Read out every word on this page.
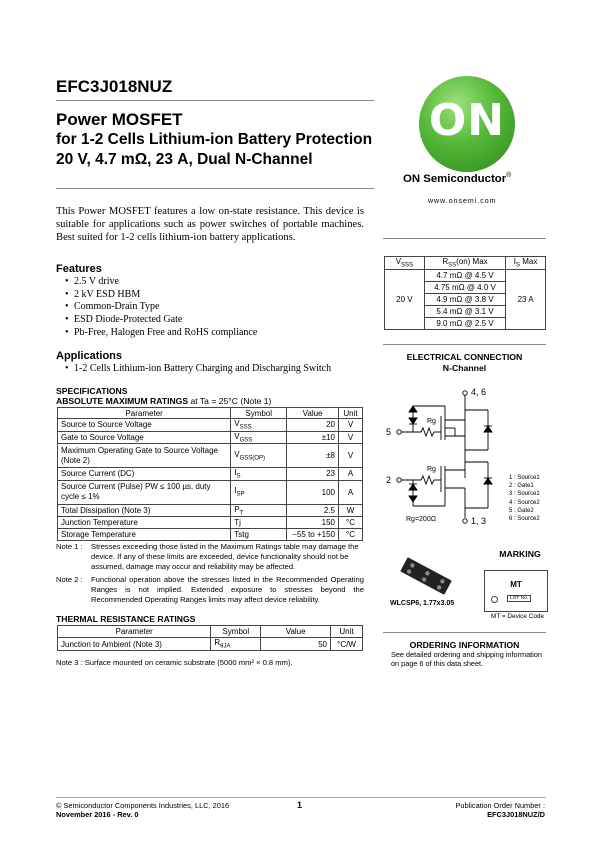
EFC3J018NUZ
Power MOSFET
for 1-2 Cells Lithium-ion Battery Protection
20 V, 4.7 mΩ, 23 A, Dual N-Channel
ON
ON Semiconductor®
www.onsemi.com
This Power MOSFET features a low on-state resistance. This device is suitable for applications such as power switches of portable machines. Best suited for 1-2 cells lithium-ion battery applications.
Features
• 2.5 V drive
• 2 kV ESD HBM
• Common-Drain Type
• ESD Diode-Protected Gate
• Pb-Free, Halogen Free and RoHS compliance
Applications
• 1-2 Cells Lithium-ion Battery Charging and Discharging Switch
SPECIFICATIONS
ABSOLUTE MAXIMUM RATINGS at Ta = 25°C (Note 1)
Parameter	Symbol	Value	Unit
Source to Source Voltage	$V_{SSS}$	20	V
Gate to Source Voltage	$V_{GSS}$	±10	V
Maximum Operating Gate to Source Voltage (Note 2)	$V_{GSS(OP)}$	±8	V
Source Current (DC)	$I_S$	23	A
Source Current (Pulse) PW ≤ 100 µs, duty cycle ≤ 1%	$I_{SP}$	100	A
Total Dissipation (Note 3)	$P_T$	2.5	W
Junction Temperature	Tj	150	°C
Storage Temperature	Tstg	−55 to +150	°C
Note 1 :	Stresses exceeding those listed in the Maximum Ratings table may damage the device. If any of these limits are exceeded, device functionality should not be assumed, damage may occur and reliability may be affected.
Note 2 :	Functional operation above the stresses listed in the Recommended Operating Ranges is not implied. Extended exposure to stresses beyond the Recommended Operating Ranges limits may affect device reliability.
THERMAL RESISTANCE RATINGS
Parameter	Symbol	Value	Unit
Junction to Ambient (Note 3)	$R_{\theta JA}$	50	°C/W
Note 3 : Surface mounted on ceramic substrate (5000 mm² × 0.8 mm).
$V_{SSS}$	$R_{SS}(on)$ Max	$I_S$ Max
20 V	4.7 mΩ @ 4.5 V	23 A
	4.75 mΩ @ 4.0 V	
	4.9 mΩ @ 3.8 V	
	5.4 mΩ @ 3.1 V	
	9.0 mΩ @ 2.5 V	
ELECTRICAL CONNECTION
N-Channel
4, 6
5
2
1, 3
Rg
Rg
Rg=200Ω
1 : Source1
2 : Gate1
3 : Source1
4 : Source2
5 : Gate2
6 : Source2
MARKING
WLCSP6, 1.77x3.05
MT
LOT No.
MT = Device Code
ORDERING INFORMATION
See detailed ordering and shipping information on page 6 of this data sheet.
© Semiconductor Components Industries, LLC, 2016
November 2016 - Rev. 0
1	Publication Order Number :
EFC3J018NUZ/D
